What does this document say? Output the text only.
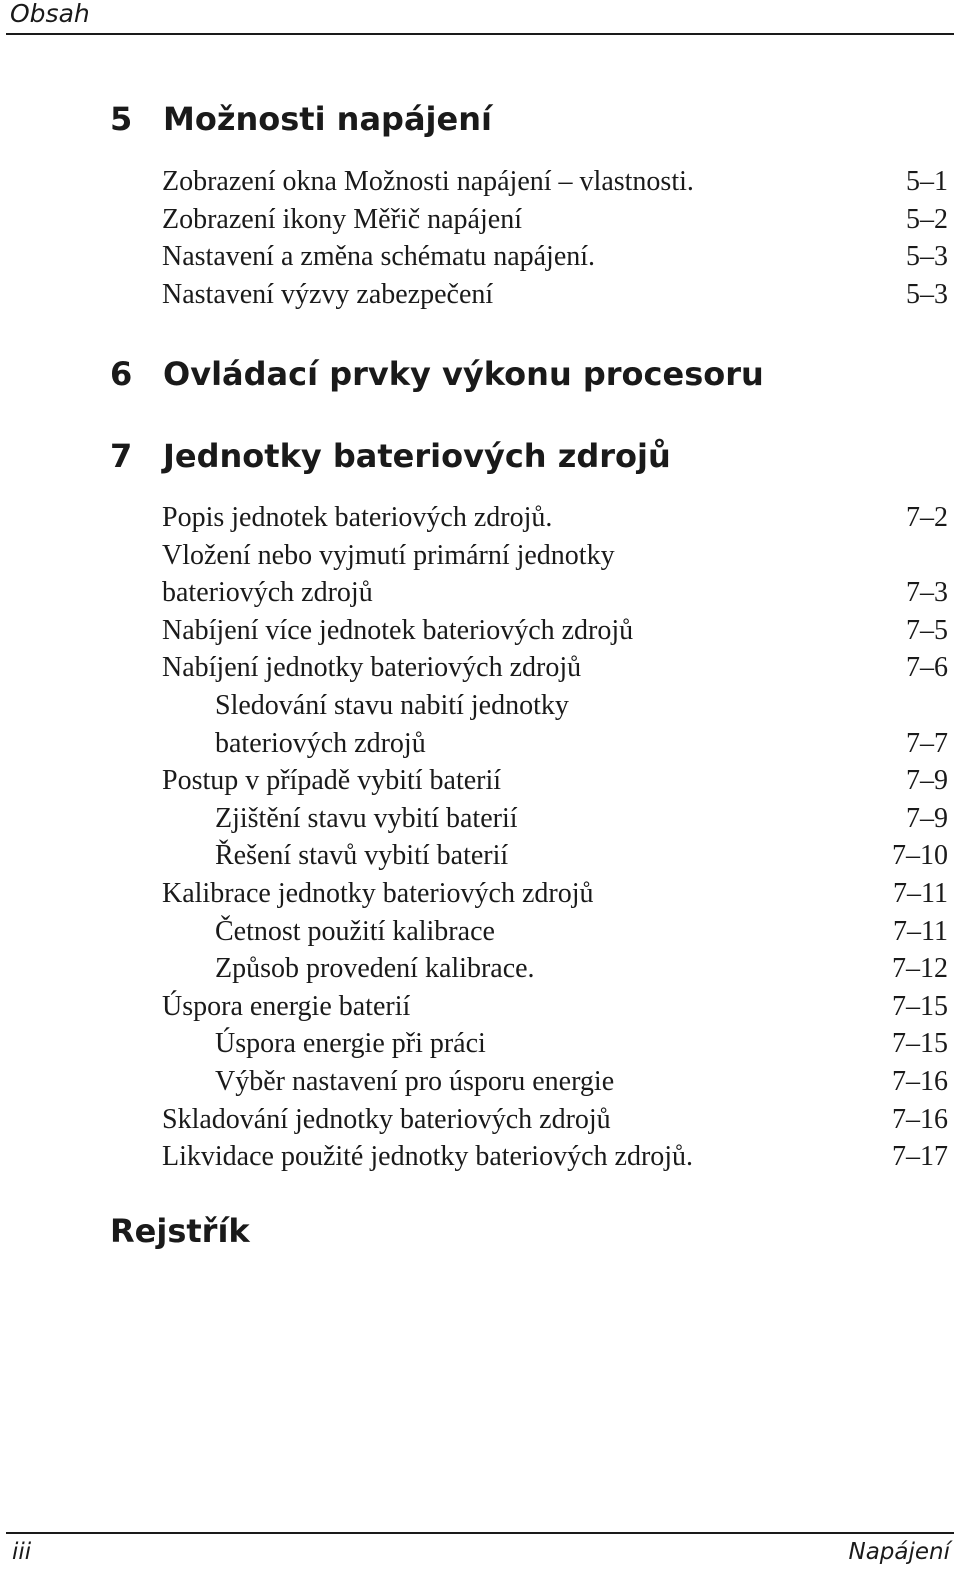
Obsah
5 Možnosti napájení
Zobrazení okna Možnosti napájení – vlastnosti.	5–1
Zobrazení ikony Měřič napájení	5–2
Nastavení a změna schématu napájení.	5–3
Nastavení výzvy zabezpečení	5–3
6 Ovládací prvky výkonu procesoru
7 Jednotky bateriových zdrojů
Popis jednotek bateriových zdrojů.	7–2
Vložení nebo vyjmutí primární jednotky
bateriových zdrojů	7–3
Nabíjení více jednotek bateriových zdrojů	7–5
Nabíjení jednotky bateriových zdrojů	7–6
Sledování stavu nabití jednotky
bateriových zdrojů	7–7
Postup v případě vybití baterií	7–9
Zjištění stavu vybití baterií	7–9
Řešení stavů vybití baterií	7–10
Kalibrace jednotky bateriových zdrojů	7–11
Četnost použití kalibrace	7–11
Způsob provedení kalibrace.	7–12
Úspora energie baterií	7–15
Úspora energie při práci	7–15
Výběr nastavení pro úsporu energie	7–16
Skladování jednotky bateriových zdrojů	7–16
Likvidace použité jednotky bateriových zdrojů.	7–17
Rejstřík
iii	Napájení
